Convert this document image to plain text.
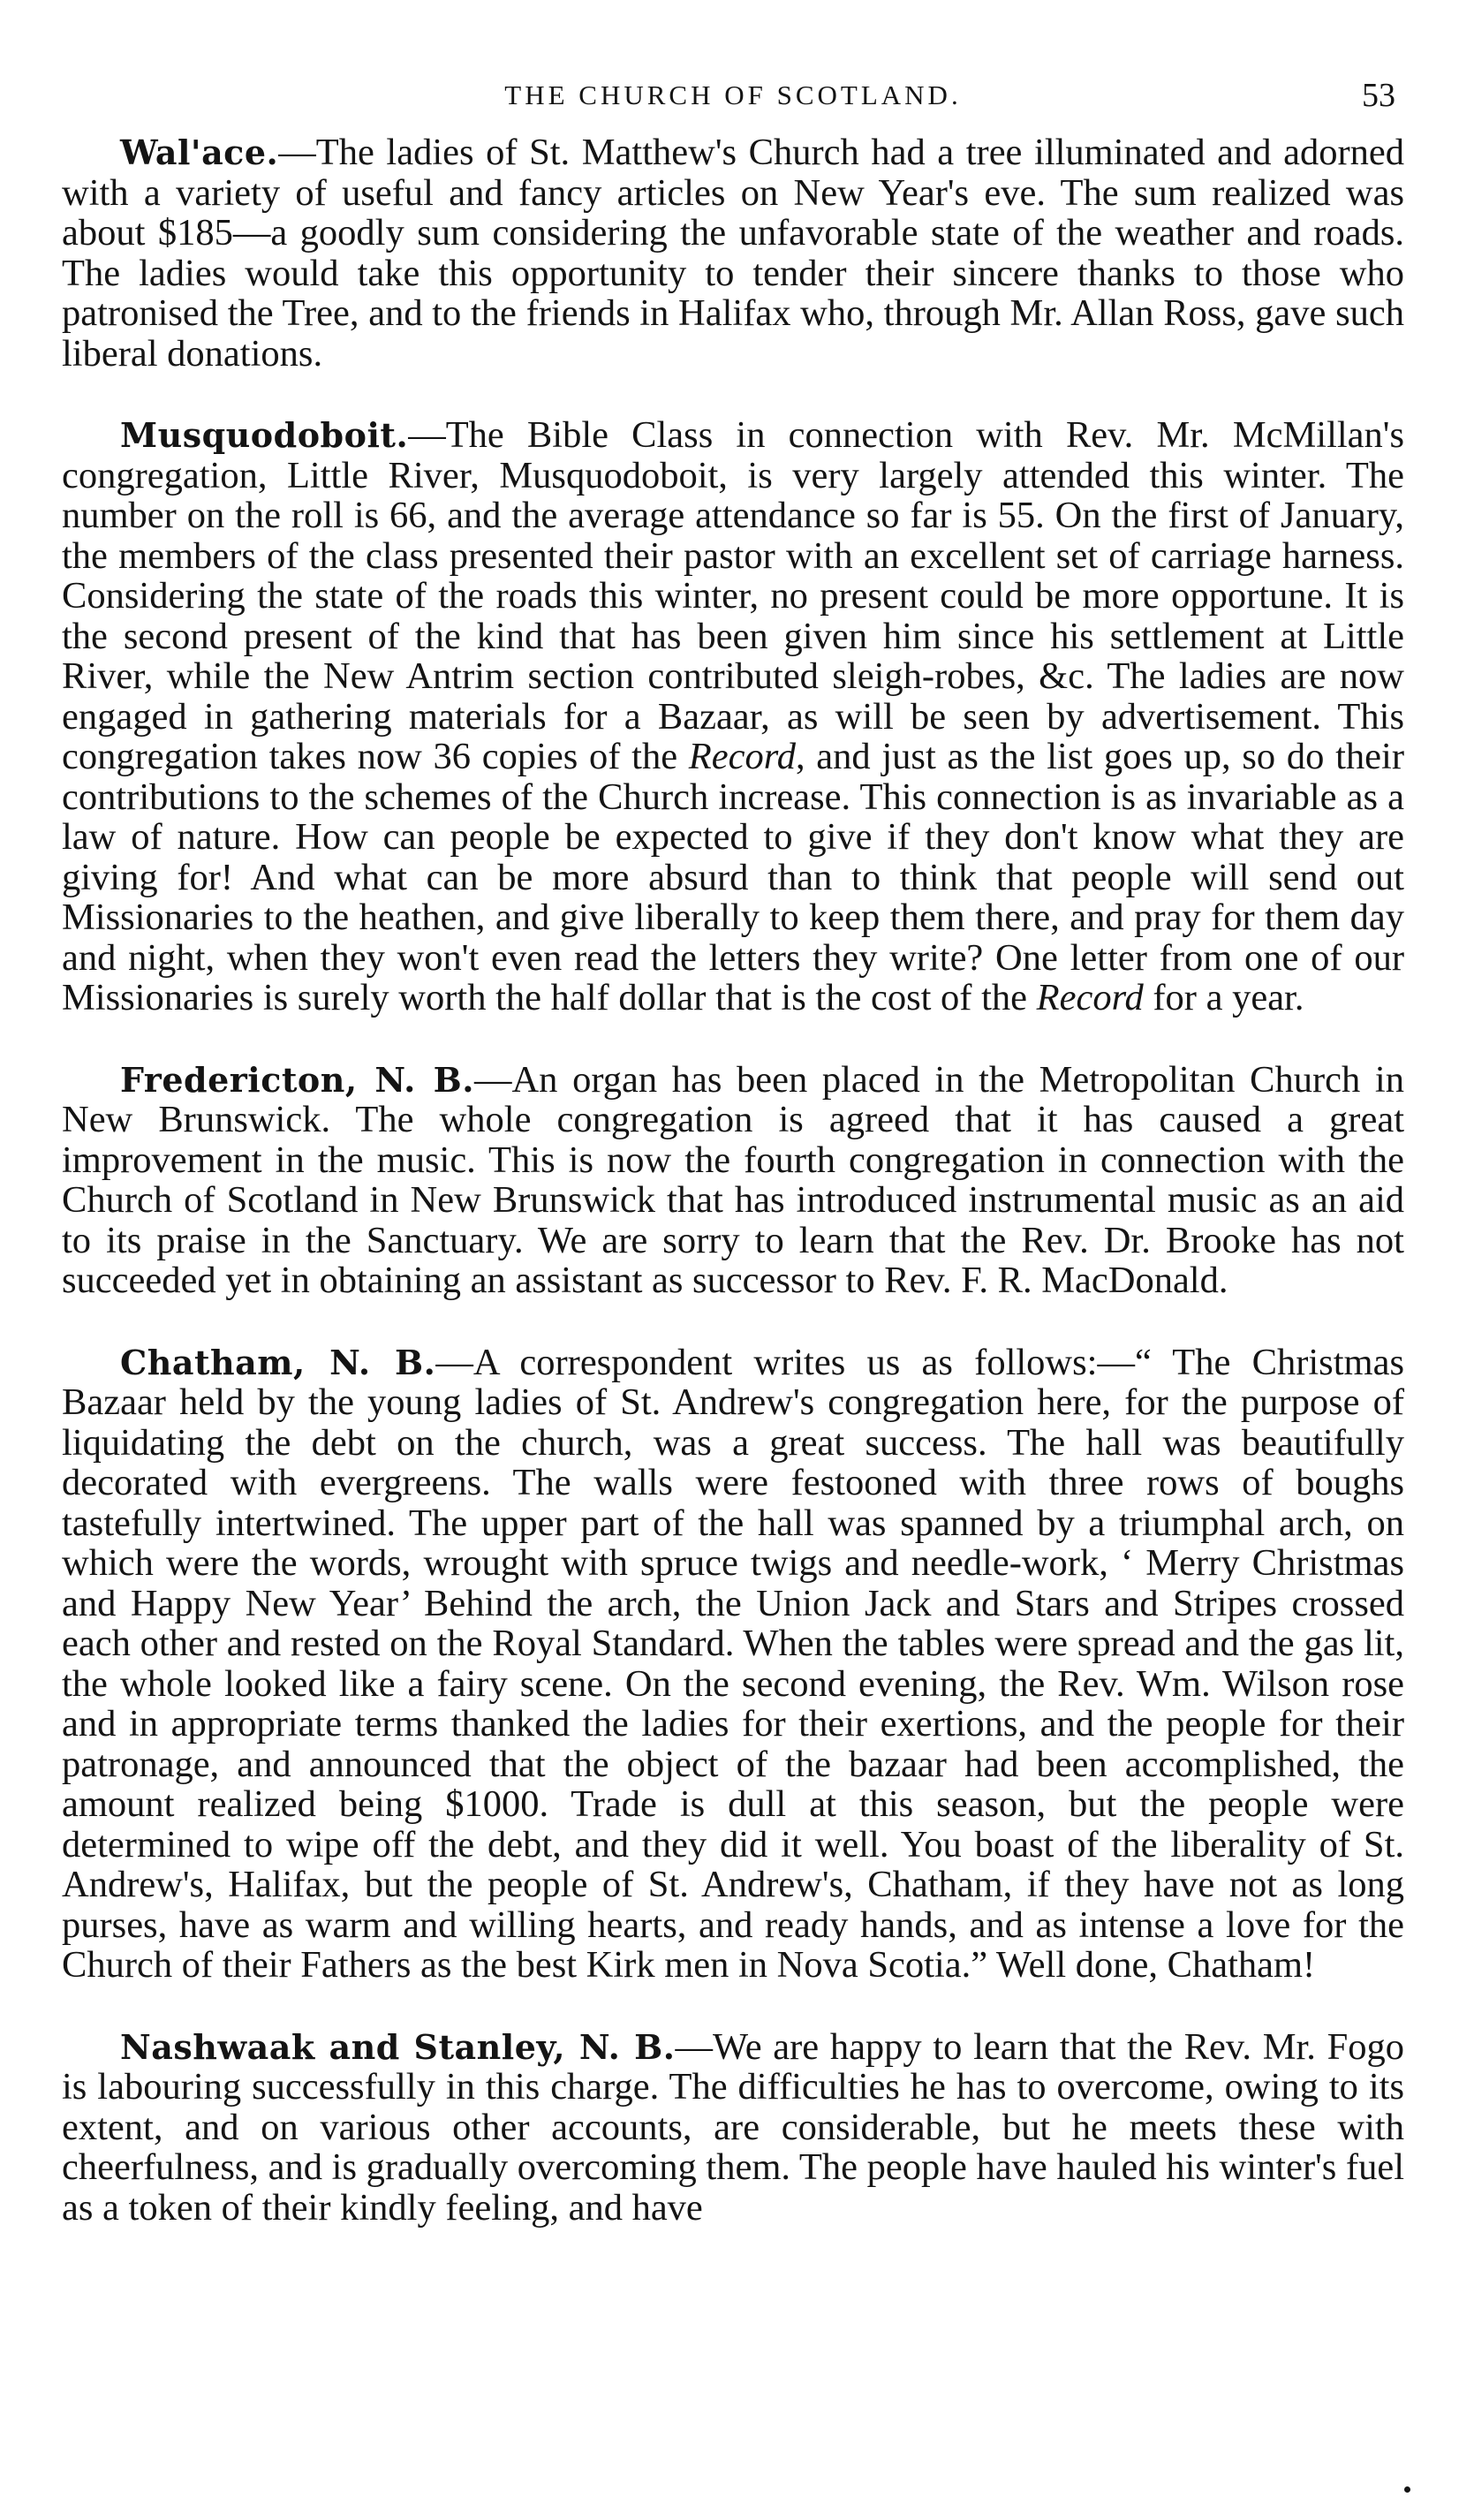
THE CHURCH OF SCOTLAND.	53

Wal'ace.—The ladies of St. Matthew's Church had a tree illuminated and adorned with a variety of useful and fancy articles on New Year's eve. The sum realized was about $185—a goodly sum considering the unfavorable state of the weather and roads. The ladies would take this opportunity to tender their sincere thanks to those who patronised the Tree, and to the friends in Halifax who, through Mr. Allan Ross, gave such liberal donations.

Musquodoboit.—The Bible Class in connection with Rev. Mr. McMillan's congregation, Little River, Musquodoboit, is very largely attended this winter. The number on the roll is 66, and the average attendance so far is 55. On the first of January, the members of the class presented their pastor with an excellent set of carriage harness. Considering the state of the roads this winter, no present could be more opportune. It is the second present of the kind that has been given him since his settlement at Little River, while the New Antrim section contributed sleigh-robes, &c. The ladies are now engaged in gathering materials for a Bazaar, as will be seen by advertisement. This congregation takes now 36 copies of the Record, and just as the list goes up, so do their contributions to the schemes of the Church increase. This connection is as invariable as a law of nature. How can people be expected to give if they don't know what they are giving for! And what can be more absurd than to think that people will send out Missionaries to the heathen, and give liberally to keep them there, and pray for them day and night, when they won't even read the letters they write? One letter from one of our Missionaries is surely worth the half dollar that is the cost of the Record for a year.

Fredericton, N. B.—An organ has been placed in the Metropolitan Church in New Brunswick. The whole congregation is agreed that it has caused a great improvement in the music. This is now the fourth congregation in connection with the Church of Scotland in New Brunswick that has introduced instrumental music as an aid to its praise in the Sanctuary. We are sorry to learn that the Rev. Dr. Brooke has not succeeded yet in obtaining an assistant as successor to Rev. F. R. MacDonald.

Chatham, N. B.—A correspondent writes us as follows:—“ The Christmas Bazaar held by the young ladies of St. Andrew's congregation here, for the purpose of liquidating the debt on the church, was a great success. The hall was beautifully decorated with evergreens. The walls were festooned with three rows of boughs tastefully intertwined. The upper part of the hall was spanned by a triumphal arch, on which were the words, wrought with spruce twigs and needle-work, ‘ Merry Christmas and Happy New Year’ Behind the arch, the Union Jack and Stars and Stripes crossed each other and rested on the Royal Standard. When the tables were spread and the gas lit, the whole looked like a fairy scene. On the second evening, the Rev. Wm. Wilson rose and in appropriate terms thanked the ladies for their exertions, and the people for their patronage, and announced that the object of the bazaar had been accomplished, the amount realized being $1000. Trade is dull at this season, but the people were determined to wipe off the debt, and they did it well. You boast of the liberality of St. Andrew's, Halifax, but the people of St. Andrew's, Chatham, if they have not as long purses, have as warm and willing hearts, and ready hands, and as intense a love for the Church of their Fathers as the best Kirk men in Nova Scotia.” Well done, Chatham!

Nashwaak and Stanley, N. B.—We are happy to learn that the Rev. Mr. Fogo is labouring successfully in this charge. The difficulties he has to overcome, owing to its extent, and on various other accounts, are considerable, but he meets these with cheerfulness, and is gradually overcoming them. The people have hauled his winter's fuel as a token of their kindly feeling, and have
